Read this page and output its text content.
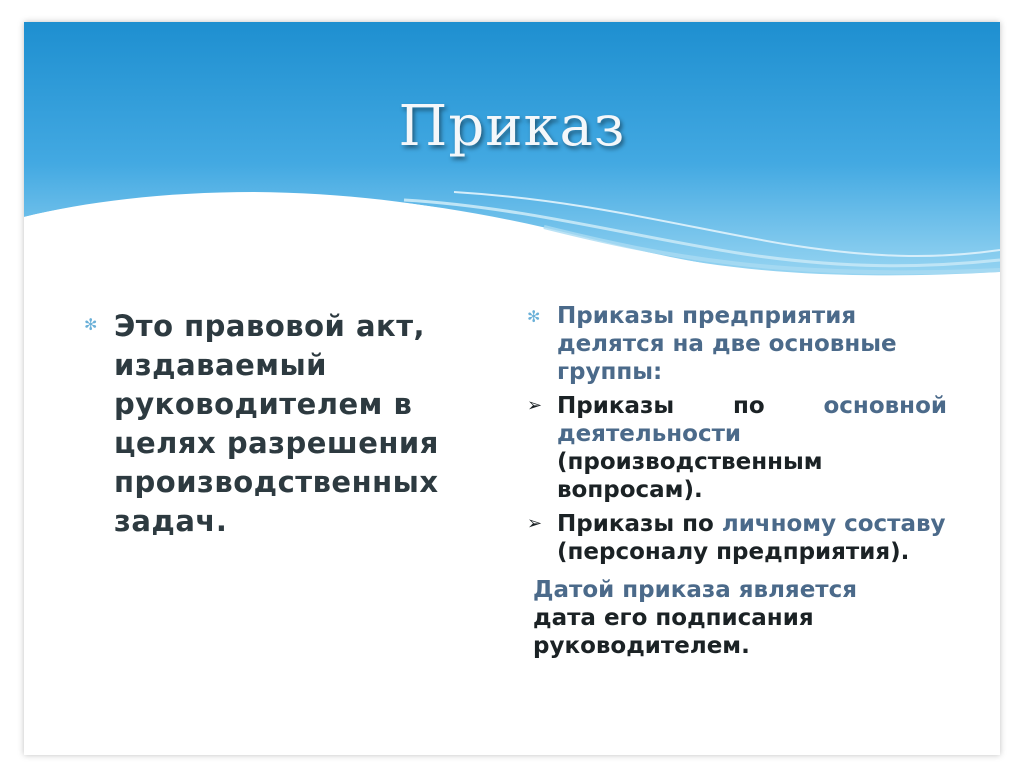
Приказ
✻ Это правовой акт, издаваемый руководителем в целях разрешения производственных задач.
✻ Приказы предприятия делятся на две основные группы:
➢ Приказы по основной деятельности (производственным вопросам).
➢ Приказы по личному составу (персоналу предприятия).
Датой приказа является
дата его подписания руководителем.
